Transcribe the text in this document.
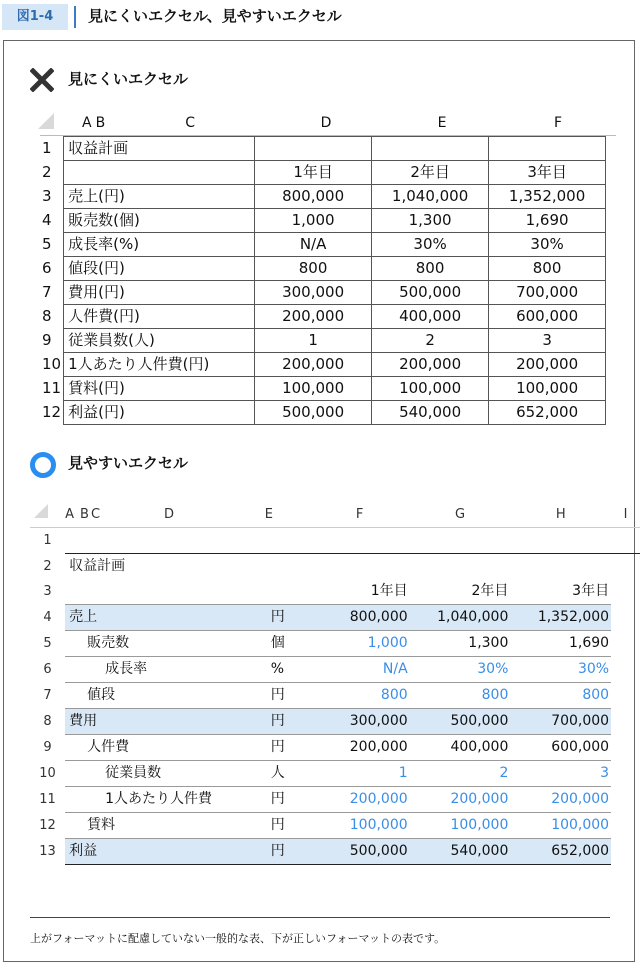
図1-4	見にくいエクセル、見やすいエクセル
見にくいエクセル
	A B	C	D	E	F
1	収益計画			
2		1年目	2年目	3年目
3	売上(円)	800,000	1,040,000	1,352,000
4	販売数(個)	1,000	1,300	1,690
5	成長率(%)	N/A	30%	30%
6	値段(円)	800	800	800
7	費用(円)	300,000	500,000	700,000
8	人件費(円)	200,000	400,000	600,000
9	従業員数(人)	1	2	3
10	1人あたり人件費(円)	200,000	200,000	200,000
11	賃料(円)	100,000	100,000	100,000
12	利益(円)	500,000	540,000	652,000
見やすいエクセル
	A B C D	E	F	G	H	I
1						
2	収益計画					
3			1年目	2年目	3年目	
4	売上	円	800,000	1,040,000	1,352,000	
5	販売数	個	1,000	1,300	1,690	
6	成長率	%	N/A	30%	30%	
7	値段	円	800	800	800	
8	費用	円	300,000	500,000	700,000	
9	人件費	円	200,000	400,000	600,000	
10	従業員数	人	1	2	3	
11	1人あたり人件費	円	200,000	200,000	200,000	
12	賃料	円	100,000	100,000	100,000	
13	利益	円	500,000	540,000	652,000	
上がフォーマットに配慮していない一般的な表、下が正しいフォーマットの表です。
